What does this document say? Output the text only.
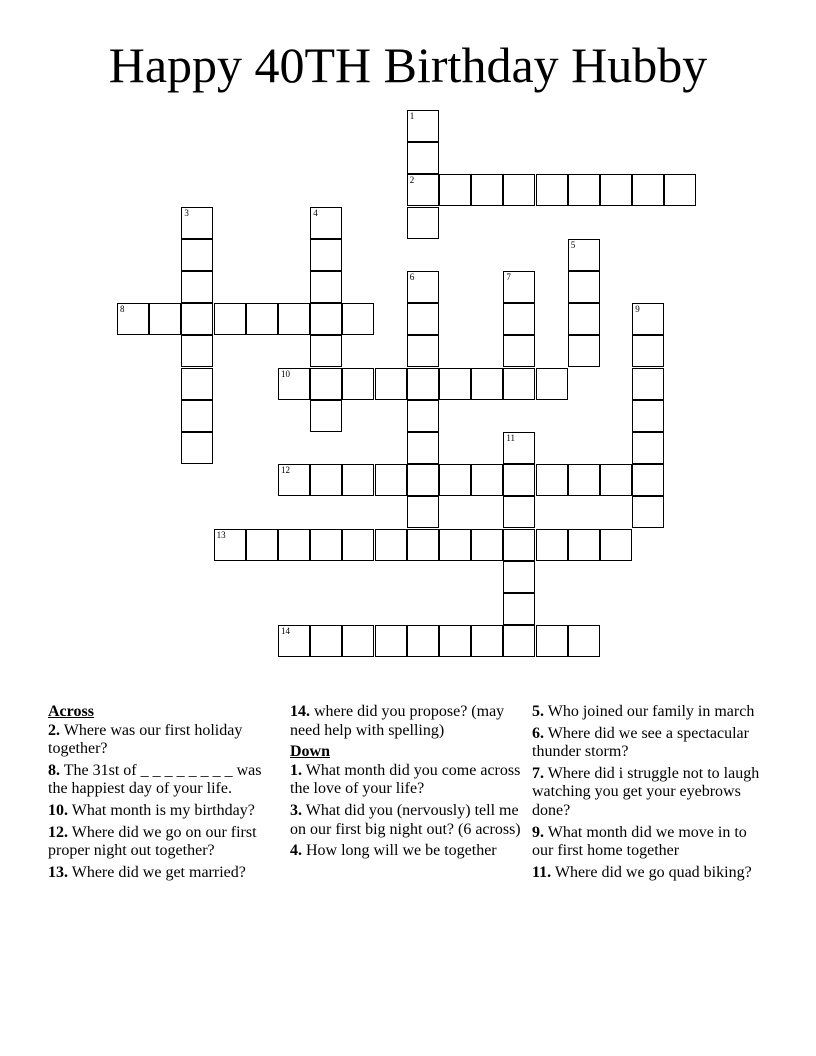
Happy 40TH Birthday Hubby
1
2
3	4
5
6	7
8	9
10
11
12
13
14
Across
2. Where was our first holiday together?
8. The 31st of _ _ _ _ _ _ _ _ was the happiest day of your life.
10. What month is my birthday?
12. Where did we go on our first proper night out together?
13. Where did we get married?
14. where did you propose? (may need help with spelling)
Down
1. What month did you come across the love of your life?
3. What did you (nervously) tell me on our first big night out? (6 across)
4. How long will we be together
5. Who joined our family in march
6. Where did we see a spectacular thunder storm?
7. Where did i struggle not to laugh watching you get your eyebrows done?
9. What month did we move in to our first home together
11. Where did we go quad biking?
